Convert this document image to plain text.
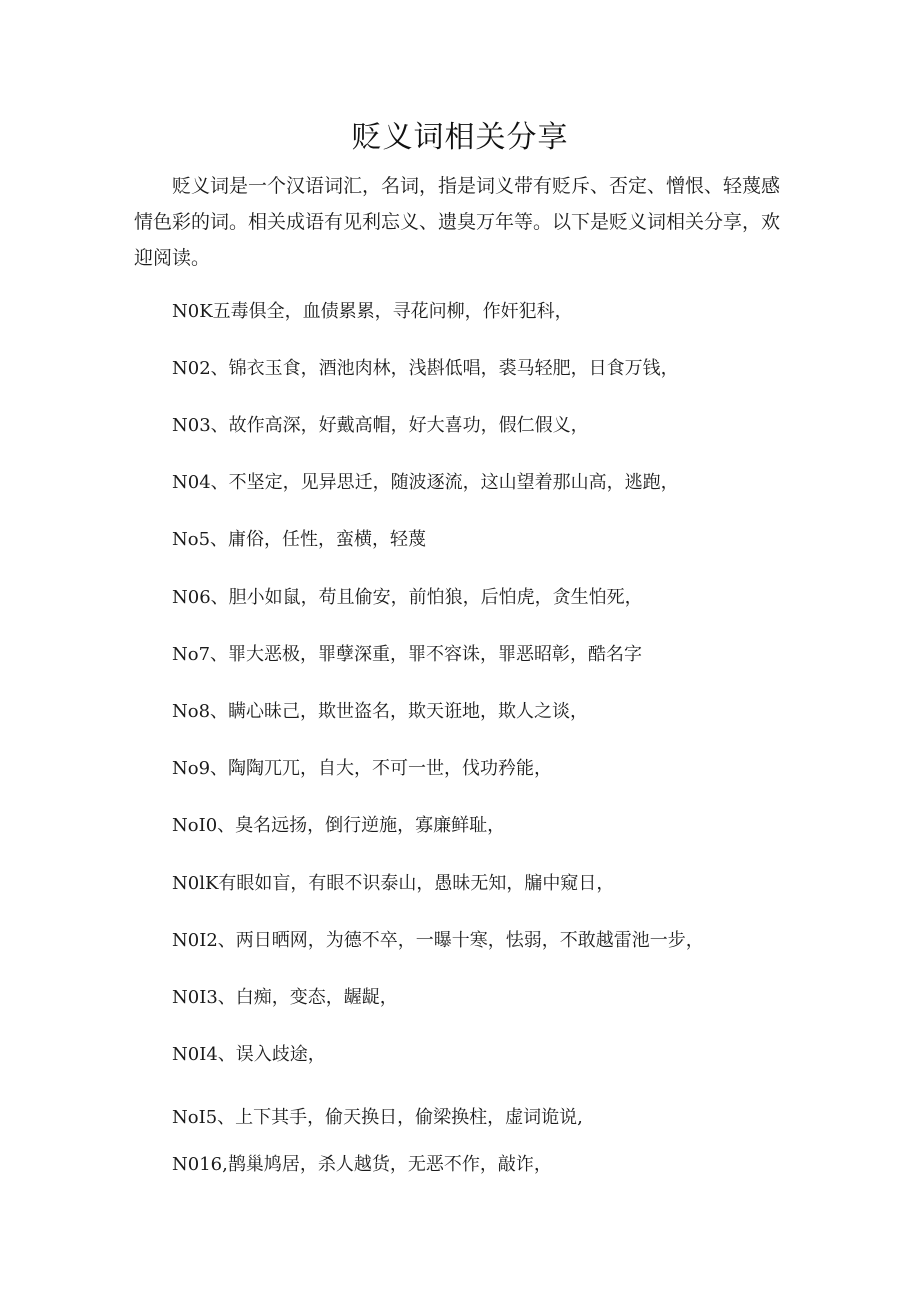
贬义词相关分享

贬义词是一个汉语词汇，名词，指是词义带有贬斥、否定、憎恨、轻蔑感情色彩的词。相关成语有见利忘义、遗臭万年等。以下是贬义词相关分享，欢迎阅读。

N0K五毒俱全，血债累累，寻花问柳，作奸犯科，
N02、锦衣玉食，酒池肉林，浅斟低唱，裘马轻肥，日食万钱，
N03、故作高深，好戴高帽，好大喜功，假仁假义，
N04、不坚定，见异思迁，随波逐流，这山望着那山高，逃跑，
No5、庸俗，任性，蛮横，轻蔑
N06、胆小如鼠，苟且偷安，前怕狼，后怕虎，贪生怕死，
No7、罪大恶极，罪孽深重，罪不容诛，罪恶昭彰，酷名字
No8、瞒心昧己，欺世盗名，欺天诳地，欺人之谈，
No9、陶陶兀兀，自大，不可一世，伐功矜能，
NoI0、臭名远扬，倒行逆施，寡廉鲜耻，
N0lK有眼如盲，有眼不识泰山，愚昧无知，牖中窥日，
N0I2、两日晒网，为德不卒，一曝十寒，怯弱，不敢越雷池一步，
N0I3、白痴，变态，龌龊，
N0I4、误入歧途，
NoI5、上下其手，偷天换日，偷梁换柱，虚词诡说,
N016,鹊巢鸠居，杀人越货，无恶不作，敲诈，
